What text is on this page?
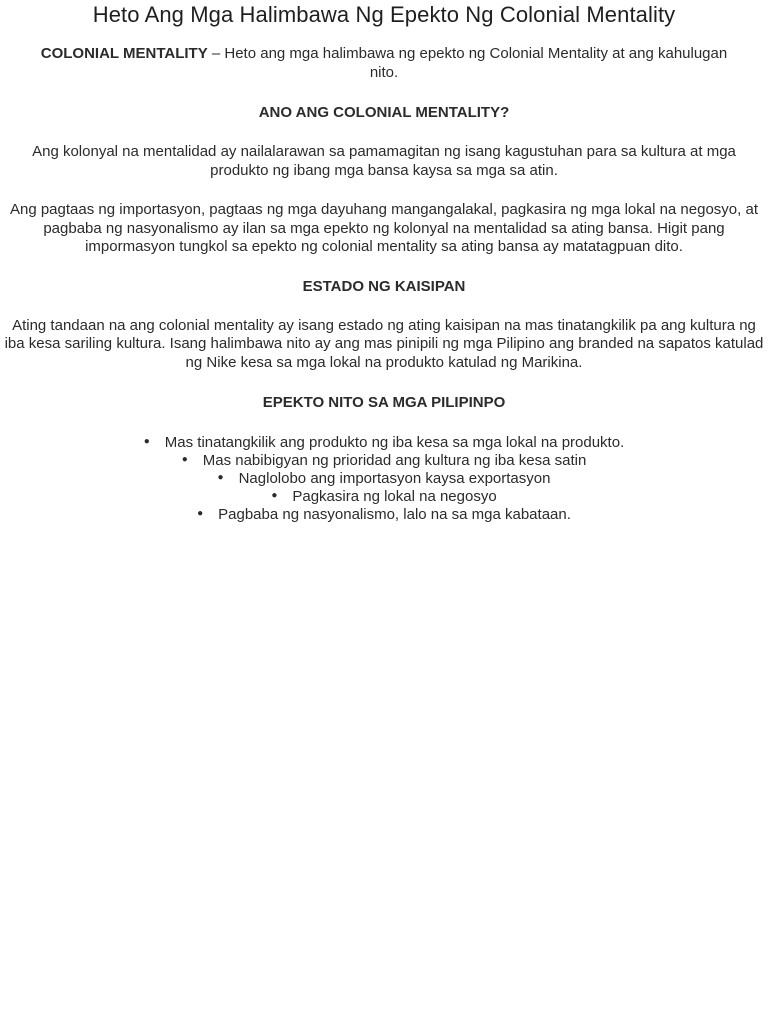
Heto Ang Mga Halimbawa Ng Epekto Ng Colonial Mentality

COLONIAL MENTALITY – Heto ang mga halimbawa ng epekto ng Colonial Mentality at ang kahulugan nito.

ANO ANG COLONIAL MENTALITY?

Ang kolonyal na mentalidad ay nailalarawan sa pamamagitan ng isang kagustuhan para sa kultura at mga produkto ng ibang mga bansa kaysa sa mga sa atin.

Ang pagtaas ng importasyon, pagtaas ng mga dayuhang mangangalakal, pagkasira ng mga lokal na negosyo, at pagbaba ng nasyonalismo ay ilan sa mga epekto ng kolonyal na mentalidad sa ating bansa. Higit pang impormasyon tungkol sa epekto ng colonial mentality sa ating bansa ay matatagpuan dito.

ESTADO NG KAISIPAN

Ating tandaan na ang colonial mentality ay isang estado ng ating kaisipan na mas tinatangkilik pa ang kultura ng iba kesa sariling kultura. Isang halimbawa nito ay ang mas pinipili ng mga Pilipino ang branded na sapatos katulad ng Nike kesa sa mga lokal na produkto katulad ng Marikina.

EPEKTO NITO SA MGA PILIPINPO
● Mas tinatangkilik ang produkto ng iba kesa sa mga lokal na produkto.
● Mas nabibigyan ng prioridad ang kultura ng iba kesa satin
● Naglolobo ang importasyon kaysa exportasyon
● Pagkasira ng lokal na negosyo
● Pagbaba ng nasyonalismo, lalo na sa mga kabataan.
